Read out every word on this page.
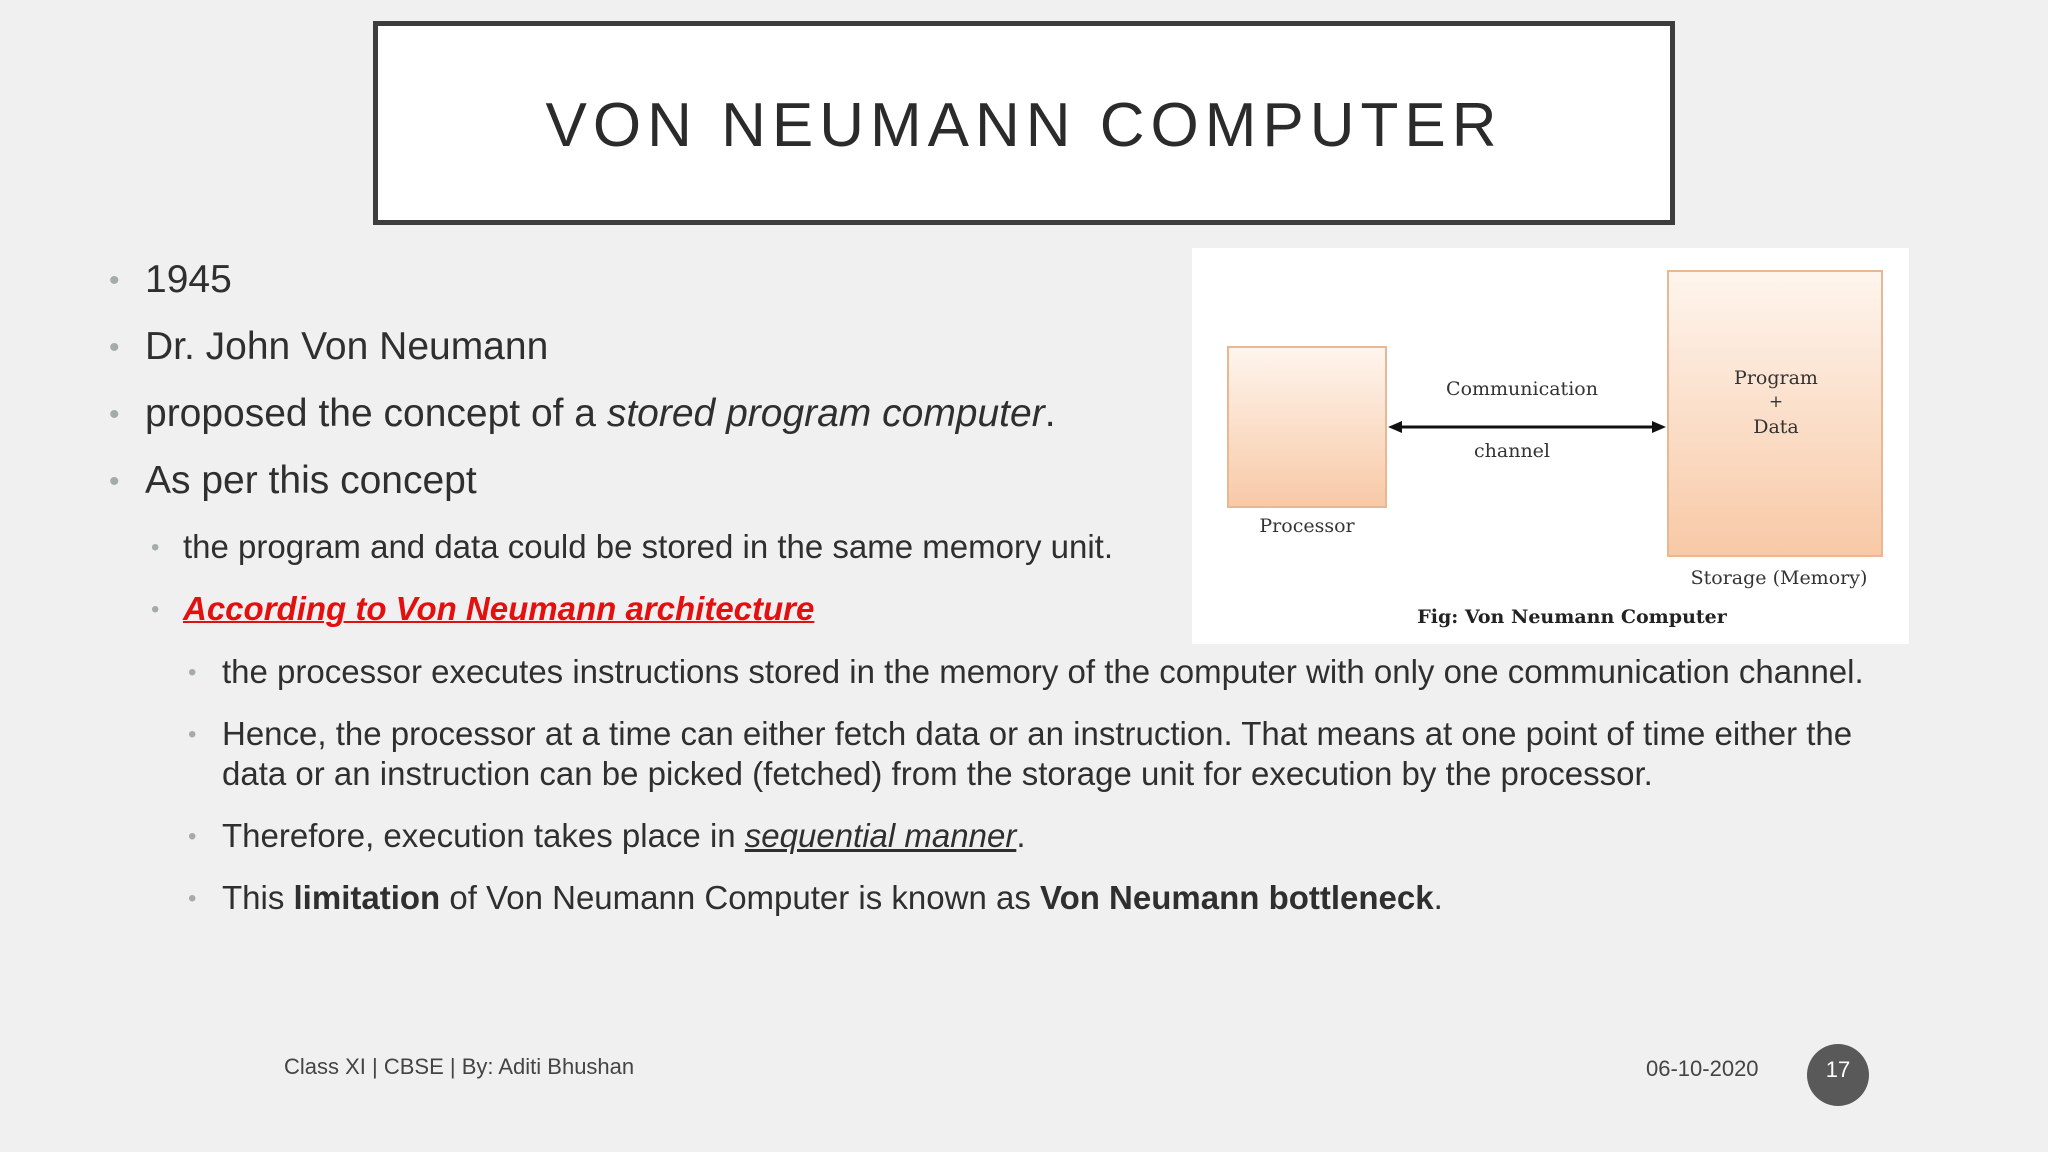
VON NEUMANN COMPUTER
• 1945
• Dr. John Von Neumann
• proposed the concept of a stored program computer.
• As per this concept
• the program and data could be stored in the same memory unit.
• According to Von Neumann architecture
• the processor executes instructions stored in the memory of the computer with only one communication channel.
• Hence, the processor at a time can either fetch data or an instruction. That means at one point of time either the
data or an instruction can be picked (fetched) from the storage unit for execution by the processor.
• Therefore, execution takes place in sequential manner.
• This limitation of Von Neumann Computer is known as Von Neumann bottleneck.
Communication
channel
Processor
Program
+
Data
Storage (Memory)
Fig: Von Neumann Computer
Class XI | CBSE | By: Aditi Bhushan	06-10-2020	17
